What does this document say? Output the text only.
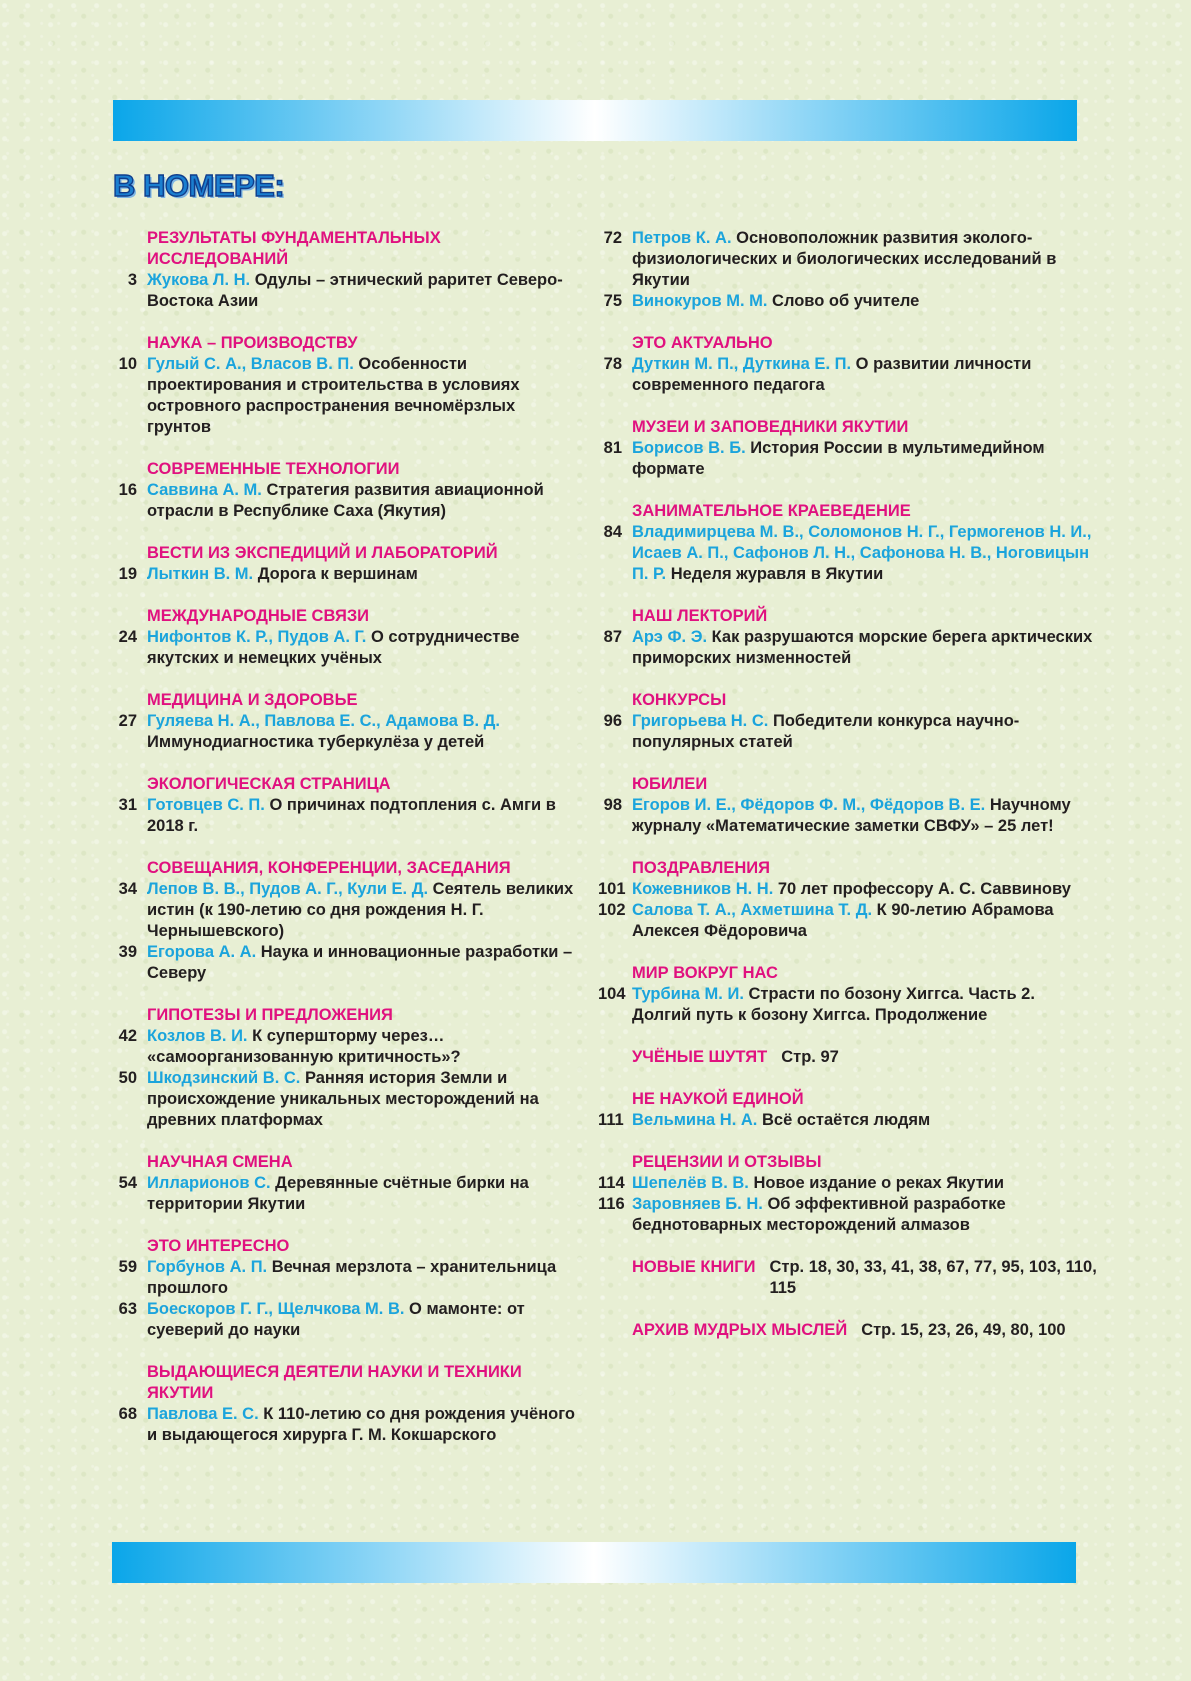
В НОМЕРЕ:
РЕЗУЛЬТАТЫ ФУНДАМЕНТАЛЬНЫХ ИССЛЕДОВАНИЙ
3 Жукова Л. Н. Одулы – этнический раритет Северо-Востока Азии
НАУКА – ПРОИЗВОДСТВУ
10 Гулый С. А., Власов В. П. Особенности проектирования и строительства в условиях островного распространения вечномёрзлых грунтов
СОВРЕМЕННЫЕ ТЕХНОЛОГИИ
16 Саввина А. М. Стратегия развития авиационной отрасли в Республике Саха (Якутия)
ВЕСТИ ИЗ ЭКСПЕДИЦИЙ И ЛАБОРАТОРИЙ
19 Лыткин В. М. Дорога к вершинам
МЕЖДУНАРОДНЫЕ СВЯЗИ
24 Нифонтов К. Р., Пудов А. Г. О сотрудничестве якутских и немецких учёных
МЕДИЦИНА И ЗДОРОВЬЕ
27 Гуляева Н. А., Павлова Е. С., Адамова В. Д. Иммунодиагностика туберкулёза у детей
ЭКОЛОГИЧЕСКАЯ СТРАНИЦА
31 Готовцев С. П. О причинах подтопления с. Амги в 2018 г.
СОВЕЩАНИЯ, КОНФЕРЕНЦИИ, ЗАСЕДАНИЯ
34 Лепов В. В., Пудов А. Г., Кули Е. Д. Сеятель великих истин (к 190-летию со дня рождения Н. Г. Чернышевского)
39 Егорова А. А. Наука и инновационные разработки – Северу
ГИПОТЕЗЫ И ПРЕДЛОЖЕНИЯ
42 Козлов В. И. К супершторму через… «самоорганизованную критичность»?
50 Шкодзинский В. С. Ранняя история Земли и происхождение уникальных месторождений на древних платформах
НАУЧНАЯ СМЕНА
54 Илларионов С. Деревянные счётные бирки на территории Якутии
ЭТО ИНТЕРЕСНО
59 Горбунов А. П. Вечная мерзлота – хранительница прошлого
63 Боескоров Г. Г., Щелчкова М. В. О мамонте: от суеверий до науки
ВЫДАЮЩИЕСЯ ДЕЯТЕЛИ НАУКИ И ТЕХНИКИ ЯКУТИИ
68 Павлова Е. С. К 110-летию со дня рождения учёного и выдающегося хирурга Г. М. Кокшарского
72 Петров К. А. Основоположник развития эколого-физиологических и биологических исследований в Якутии
75 Винокуров М. М. Слово об учителе
ЭТО АКТУАЛЬНО
78 Дуткин М. П., Дуткина Е. П. О развитии личности современного педагога
МУЗЕИ И ЗАПОВЕДНИКИ ЯКУТИИ
81 Борисов В. Б. История России в мультимедийном формате
ЗАНИМАТЕЛЬНОЕ КРАЕВЕДЕНИЕ
84 Владимирцева М. В., Соломонов Н. Г., Гермогенов Н. И., Исаев А. П., Сафонов Л. Н., Сафонова Н. В., Ноговицын П. Р. Неделя журавля в Якутии
НАШ ЛЕКТОРИЙ
87 Арэ Ф. Э. Как разрушаются морские берега арктических приморских низменностей
КОНКУРСЫ
96 Григорьева Н. С. Победители конкурса научно-популярных статей
ЮБИЛЕИ
98 Егоров И. Е., Фёдоров Ф. М., Фёдоров В. Е. Научному журналу «Математические заметки СВФУ» – 25 лет!
ПОЗДРАВЛЕНИЯ
101 Кожевников Н. Н. 70 лет профессору А. С. Саввинову
102 Салова Т. А., Ахметшина Т. Д. К 90-летию Абрамова Алексея Фёдоровича
МИР ВОКРУГ НАС
104 Турбина М. И. Страсти по бозону Хиггса. Часть 2. Долгий путь к бозону Хиггса. Продолжение
УЧЁНЫЕ ШУТЯТ Стр. 97
НЕ НАУКОЙ ЕДИНОЙ
111 Вельмина Н. А. Всё остаётся людям
РЕЦЕНЗИИ И ОТЗЫВЫ
114 Шепелёв В. В. Новое издание о реках Якутии
116 Заровняев Б. Н. Об эффективной разработке беднотоварных месторождений алмазов
НОВЫЕ КНИГИ Стр. 18, 30, 33, 41, 38, 67, 77, 95, 103, 110, 115
АРХИВ МУДРЫХ МЫСЛЕЙ Стр. 15, 23, 26, 49, 80, 100
